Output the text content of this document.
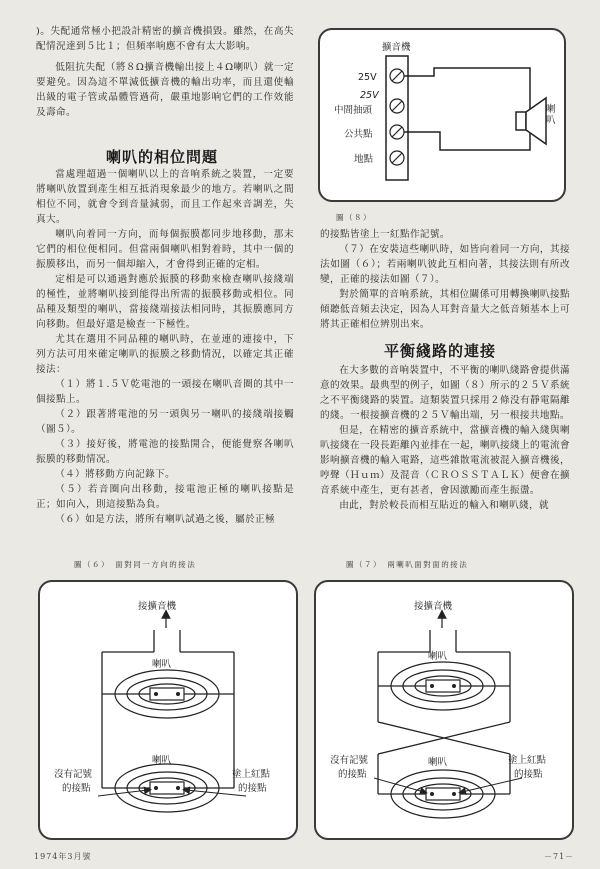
)。失配通常極小把設計精密的擴音機損毀。雖然，在高失配情況達到５比１；但頻率响應不會有太大影响。

低阻抗失配（將８Ω擴音機輸出接上４Ω喇叭）就一定要避免。因為這不單減低擴音機的輸出功率，而且還使輸出級的電子管或晶體管過荷，嚴重地影响它們的工作效能及壽命。

喇叭的相位問題

當處理超過一個喇叭以上的音响系統之裝置，一定要將喇叭放置到產生相互抵消現象最少的地方。若喇叭之間相位不同，就會令到音量減弱，而且工作起來音調差，失真大。

喇叭向着同一方向，而每個振膜都同步地移動，那末它們的相位便相同。但當兩個喇叭相對着時，其中一個的振膜移出，而另一個却縮入，才會得到正確的定相。

定相是可以通過對應於振膜的移動來檢查喇叭接綫端的極性，並將喇叭接到能得出所需的振膜移動或相位。同品種及類型的喇叭，當接綫端接法相同時，其振膜應同方向移動。但最好還是檢查一下極性。

尤其在選用不同品種的喇叭時，在並連的連接中，下列方法可用來確定喇叭的振膜之移動情況，以確定其正確接法：

（１）將１.５Ｖ乾電池的一頭接在喇叭音圈的其中一個接點上。

（２）跟著將電池的另一頭與另一喇叭的接綫端接觸（圖５）。

（３）接好後，將電池的接點開合，便能覺察各喇叭振膜的移動情况。

（４）將移動方向記錄下。

（５）若音圈向出移動，接電池正極的喇叭接點是正；如向入，則這接點為負。

（６）如是方法，將所有喇叭試過之後，屬於正極

擴音機
25V
25V
中間抽頭
公共點
地點
喇叭
圖（８）

的接點皆塗上一紅點作記號。

（７）在安裝這些喇叭時，如皆向着同一方向，其接法如圖（６）；若兩喇叭彼此互相向著，其接法則有所改變，正確的接法如圖（７）。

對於簡單的音响系統，其相位關係可用轉換喇叭接點傾聽低音頻去決定，因為人耳對音量大之低音頻基本上可將其正確相位辨別出來。

平衡綫路的連接

在大多數的音响裝置中，不平衡的喇叭綫路會提供滿意的效果。最典型的例子，如圖（８）所示的２５Ｖ系統之不平衡綫路的裝置。這類裝置只採用２條没有靜電隔離的綫。一根接擴音機的２５Ｖ輸出端，另一根接共地點。

但是，在精密的擴音系統中，當擴音機的輸入綫與喇叭接綫在一段長距離內並排在一起，喇叭接綫上的電流會影响擴音機的輸入電路，這些雜散電流被混入擴音機後，哼聲（Ｈｕｍ）及混音（ＣＲＯＳＳＴＡＬＫ）便會在擴音系統中產生，更有甚者，會因激勵而產生振盪。

由此，對於較長而相互貼近的輸入和喇叭綫，就

圖（６）　面對同一方向的接法	圖（７）　兩喇叭面對面的接法
接擴音機
喇叭
喇叭
沒有記號
的接點
塗上紅點
的接點
接擴音機
喇叭
喇叭
沒有記號
的接點
塗上紅點
的接點
1974年3月號	－71－
